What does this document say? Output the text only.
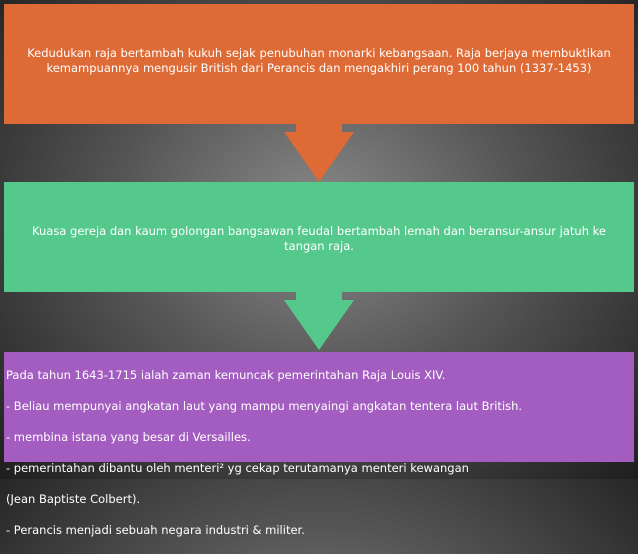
Pada tahun 1643-1715 ialah zaman kemuncak pemerintahan Raja Louis XIV.

- Beliau mempunyai angkatan laut yang mampu menyaingi angkatan tentera laut British.

- membina istana yang besar di Versailles.

- pemerintahan dibantu oleh menteri² yg cekap terutamanya menteri kewangan

(Jean Baptiste Colbert).

- Perancis menjadi sebuah negara industri & militer.

Kuasa gereja dan kaum golongan bangsawan feudal bertambah lemah dan beransur-ansur jatuh ke tangan raja.
Kedudukan raja bertambah kukuh sejak penubuhan monarki kebangsaan. Raja berjaya membuktikan kemampuannya mengusir British dari Perancis dan mengakhiri perang 100 tahun (1337-1453)
